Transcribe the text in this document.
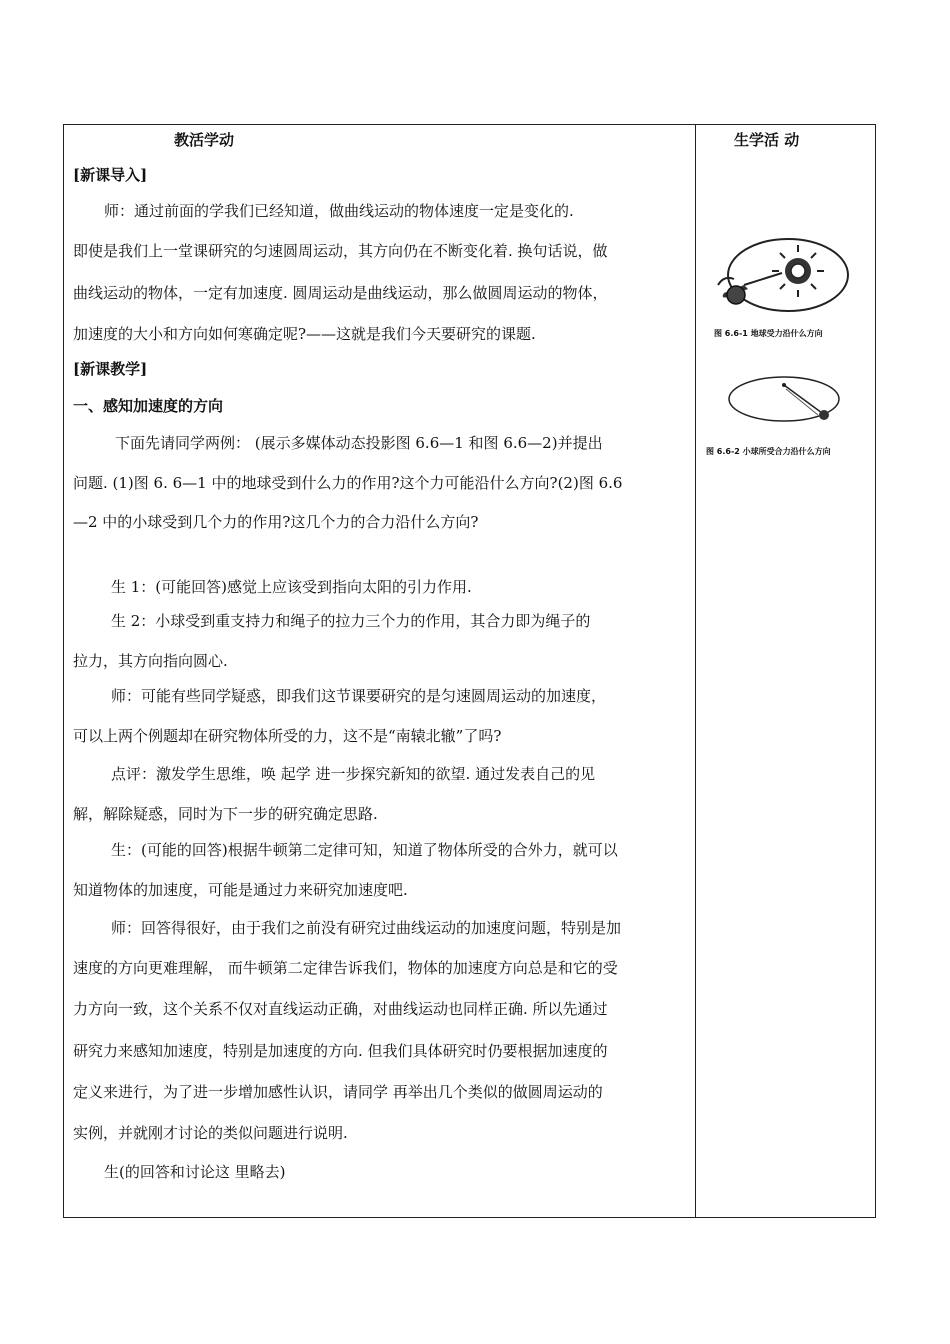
教活学动
[新课导入]
师：通过前面的学我们已经知道，做曲线运动的物体速度一定是变化的.
即使是我们上一堂课研究的匀速圆周运动，其方向仍在不断变化着. 换句话说，做
曲线运动的物体，一定有加速度. 圆周运动是曲线运动，那么做圆周运动的物体，
加速度的大小和方向如何寒确定呢?——这就是我们今天要研究的课题.
[新课教学]
一、感知加速度的方向
下面先请同学两例： (展示多媒体动态投影图 6.6—1 和图 6.6—2)并提出
问题. (1)图 6. 6—1 中的地球受到什么力的作用?这个力可能沿什么方向?(2)图 6.6
—2 中的小球受到几个力的作用?这几个力的合力沿什么方向?
生 1：(可能回答)感觉上应该受到指向太阳的引力作用.
生 2：小球受到重支持力和绳子的拉力三个力的作用，其合力即为绳子的
拉力，其方向指向圆心.
师：可能有些同学疑惑，即我们这节课要研究的是匀速圆周运动的加速度，
可以上两个例题却在研究物体所受的力，这不是“南辕北辙”了吗?
点评：激发学生思维，唤 起学 进一步探究新知的欲望. 通过发表自己的见
解，解除疑惑，同时为下一步的研究确定思路.
生：(可能的回答)根据牛顿第二定律可知，知道了物体所受的合外力，就可以
知道物体的加速度，可能是通过力来研究加速度吧.
师：回答得很好，由于我们之前没有研究过曲线运动的加速度问题，特别是加
速度的方向更难理解， 而牛顿第二定律告诉我们，物体的加速度方向总是和它的受
力方向一致，这个关系不仅对直线运动正确，对曲线运动也同样正确. 所以先通过
研究力来感知加速度，特别是加速度的方向. 但我们具体研究时仍要根据加速度的
定义来进行，为了进一步增加感性认识，请同学 再举出几个类似的做圆周运动的
实例，并就刚才讨论的类似问题进行说明.
生(的回答和讨论这 里略去)
生学活 动
图 6.6-1 地球受力沿什么方向
图 6.6-2 小球所受合力沿什么方向
